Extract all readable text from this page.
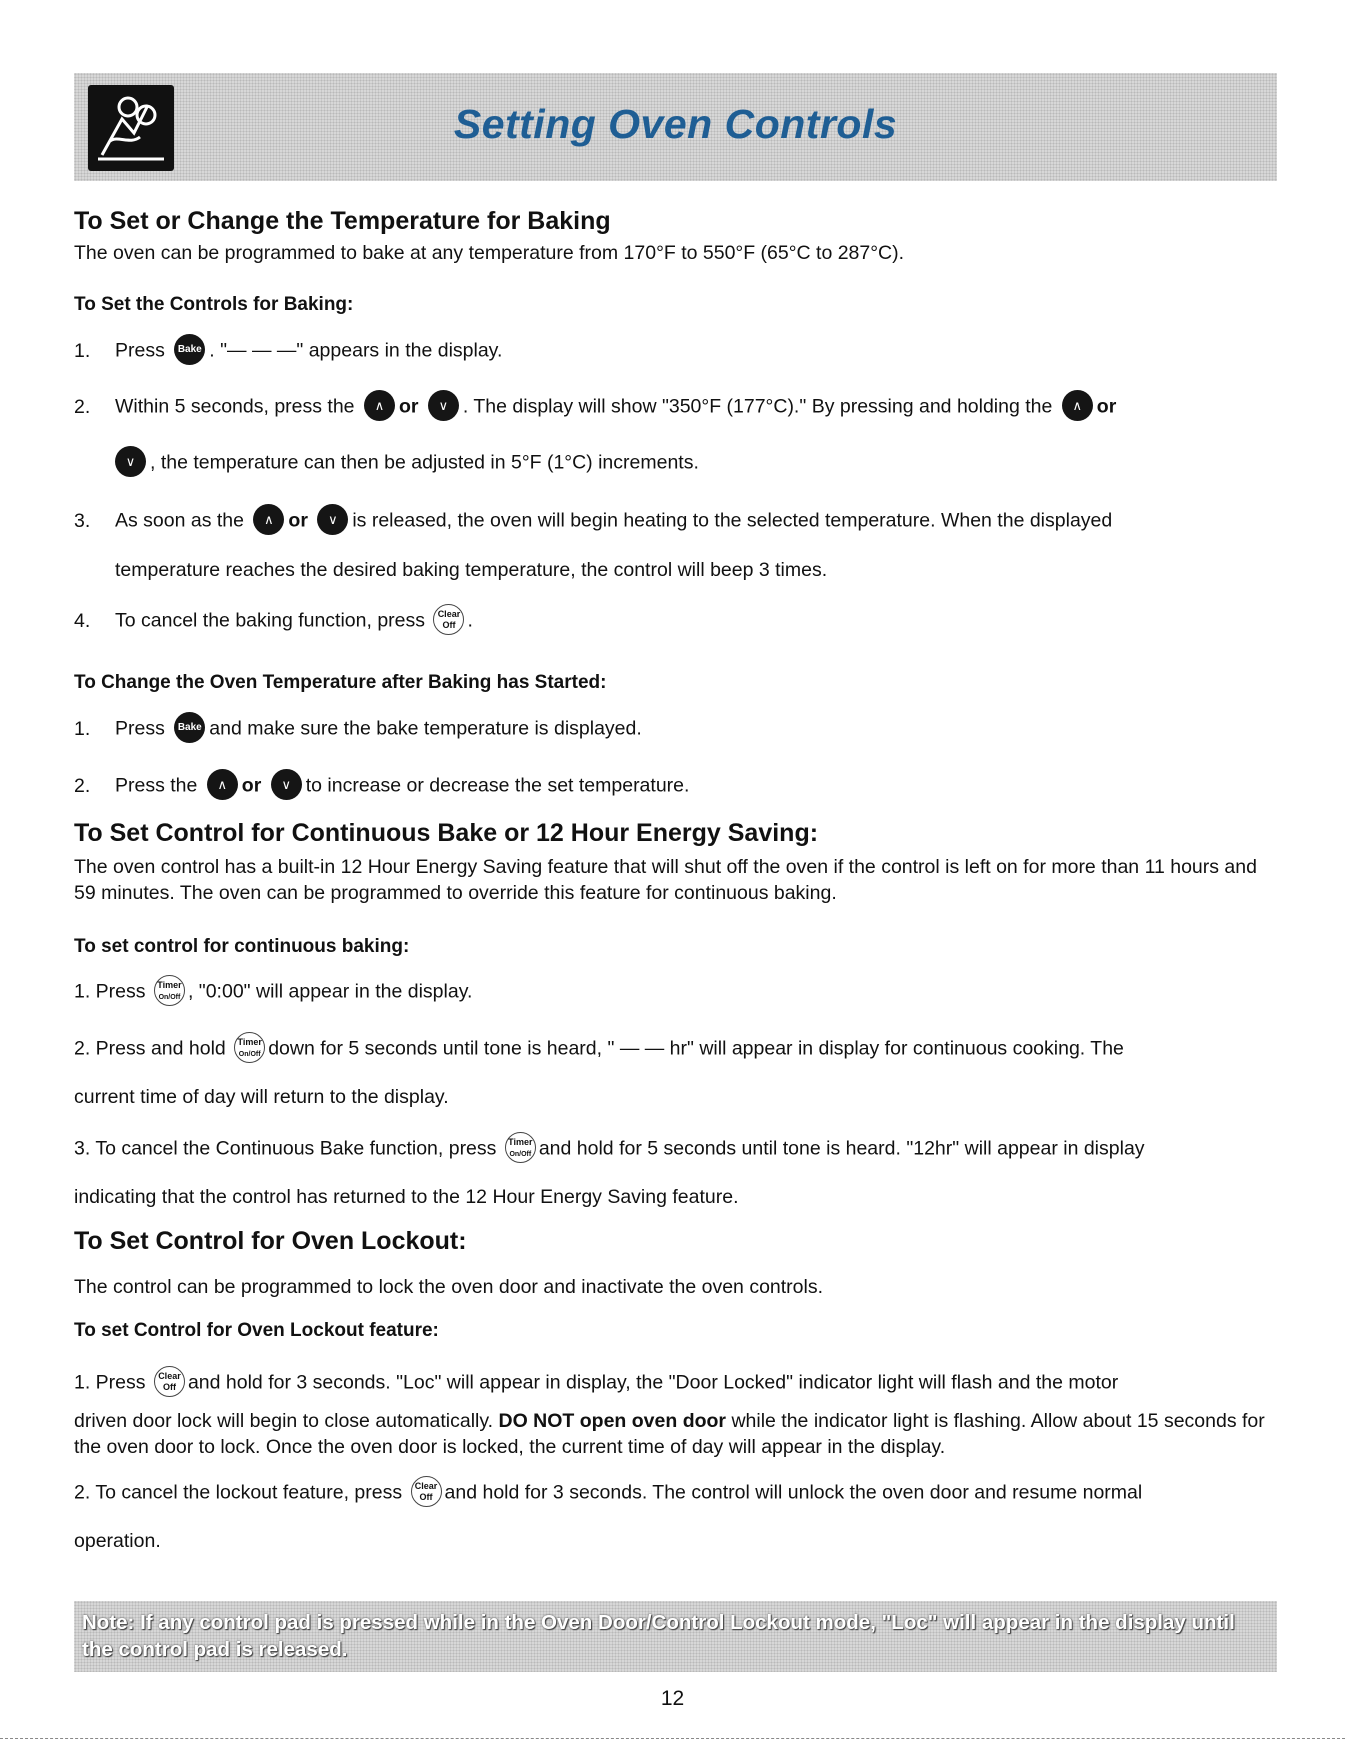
Setting Oven Controls
To Set or Change the Temperature for Baking
The oven can be programmed to bake at any temperature from 170°F to 550°F (65°C to 287°C).
To Set the Controls for Baking:
1. Press Bake . "— — —" appears in the display.
2. Within 5 seconds, press the ∧ or ∨ . The display will show "350°F (177°C)." By pressing and holding the ∧ or
∨ , the temperature can then be adjusted in 5°F (1°C) increments.
3. As soon as the ∧ or ∨ is released, the oven will begin heating to the selected temperature. When the displayed
temperature reaches the desired baking temperature, the control will beep 3 times.
4. To cancel the baking function, press Clear
Off .
To Change the Oven Temperature after Baking has Started:
1. Press Bake and make sure the bake temperature is displayed.
2. Press the ∧ or ∨ to increase or decrease the set temperature.
To Set Control for Continuous Bake or 12 Hour Energy Saving:
The oven control has a built-in 12 Hour Energy Saving feature that will shut off the oven if the control is left on for more than 11 hours and 59 minutes. The oven can be programmed to override this feature for continuous baking.
To set control for continuous baking:
1. Press Timer
On/Off , "0:00" will appear in the display.
2. Press and hold Timer
On/Off down for 5 seconds until tone is heard, " — — hr" will appear in display for continuous cooking. The
current time of day will return to the display.
3. To cancel the Continuous Bake function, press Timer
On/Off and hold for 5 seconds until tone is heard. "12hr" will appear in display
indicating that the control has returned to the 12 Hour Energy Saving feature.
To Set Control for Oven Lockout:
The control can be programmed to lock the oven door and inactivate the oven controls.
To set Control for Oven Lockout feature:
1. Press Clear
Off and hold for 3 seconds. "Loc" will appear in display, the "Door Locked" indicator light will flash and the motor
driven door lock will begin to close automatically. DO NOT open oven door while the indicator light is flashing. Allow about 15 seconds for the oven door to lock. Once the oven door is locked, the current time of day will appear in the display.
2. To cancel the lockout feature, press Clear
Off and hold for 3 seconds. The control will unlock the oven door and resume normal
operation.
Note: If any control pad is pressed while in the Oven Door/Control Lockout mode, "Loc" will appear in the display until the control pad is released.
12
